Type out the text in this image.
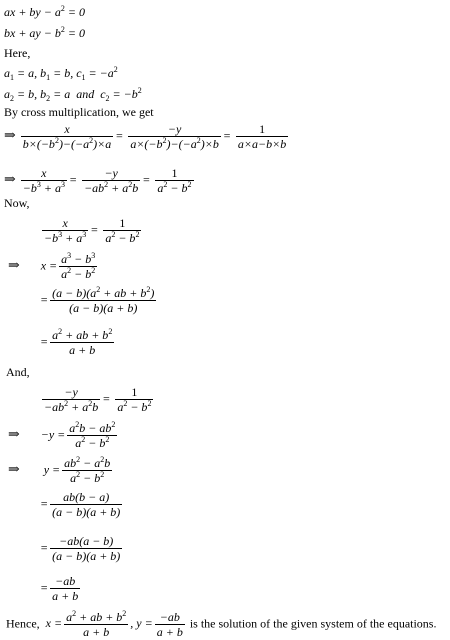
ax + by − $a^2 = 0$
bx + ay − $b^2 = 0$
Here,
$a_1 = a$, $b_1 = b$, $c_1 = -a^2$
$a_2 = b$, $b_2 = a$  and  $c_2 = -b^2$
By cross multiplication, we get
⇒ $\frac{x}{b\times(-b^2)-(-a^2)\times a} = \frac{-y}{a\times(-b^2)-(-a^2)\times b} = \frac{1}{a\times a-b\times b}$
⇒ $\frac{x}{-b^3 + a^3} = \frac{-y}{-ab^2 + a^2b} = \frac{1}{a^2 - b^2}$
Now,
$\frac{x}{-b^3 + a^3} = \frac{1}{a^2 - b^2}$
⇒       $x = \frac{a^3 - b^3}{a^2 - b^2}$
= $\frac{(a - b)(a^2 + ab + b^2)}{(a - b)(a + b)}$
= $\frac{a^2 + ab + b^2}{a + b}$
And,
$\frac{-y}{-ab^2 + a^2b} = \frac{1}{a^2 - b^2}$
⇒       $-y = \frac{a^2b - ab^2}{a^2 - b^2}$
⇒        $y = \frac{ab^2 - a^2b}{a^2 - b^2}$
= $\frac{ab(b - a)}{(a - b)(a + b)}$
= $\frac{-ab(a - b)}{(a - b)(a + b)}$
= $\frac{-ab}{a + b}$
Hence,  $x = \frac{a^2 + ab + b^2}{a + b}$ , $y = \frac{-ab}{a + b}$ is the solution of the given system of the equations.
